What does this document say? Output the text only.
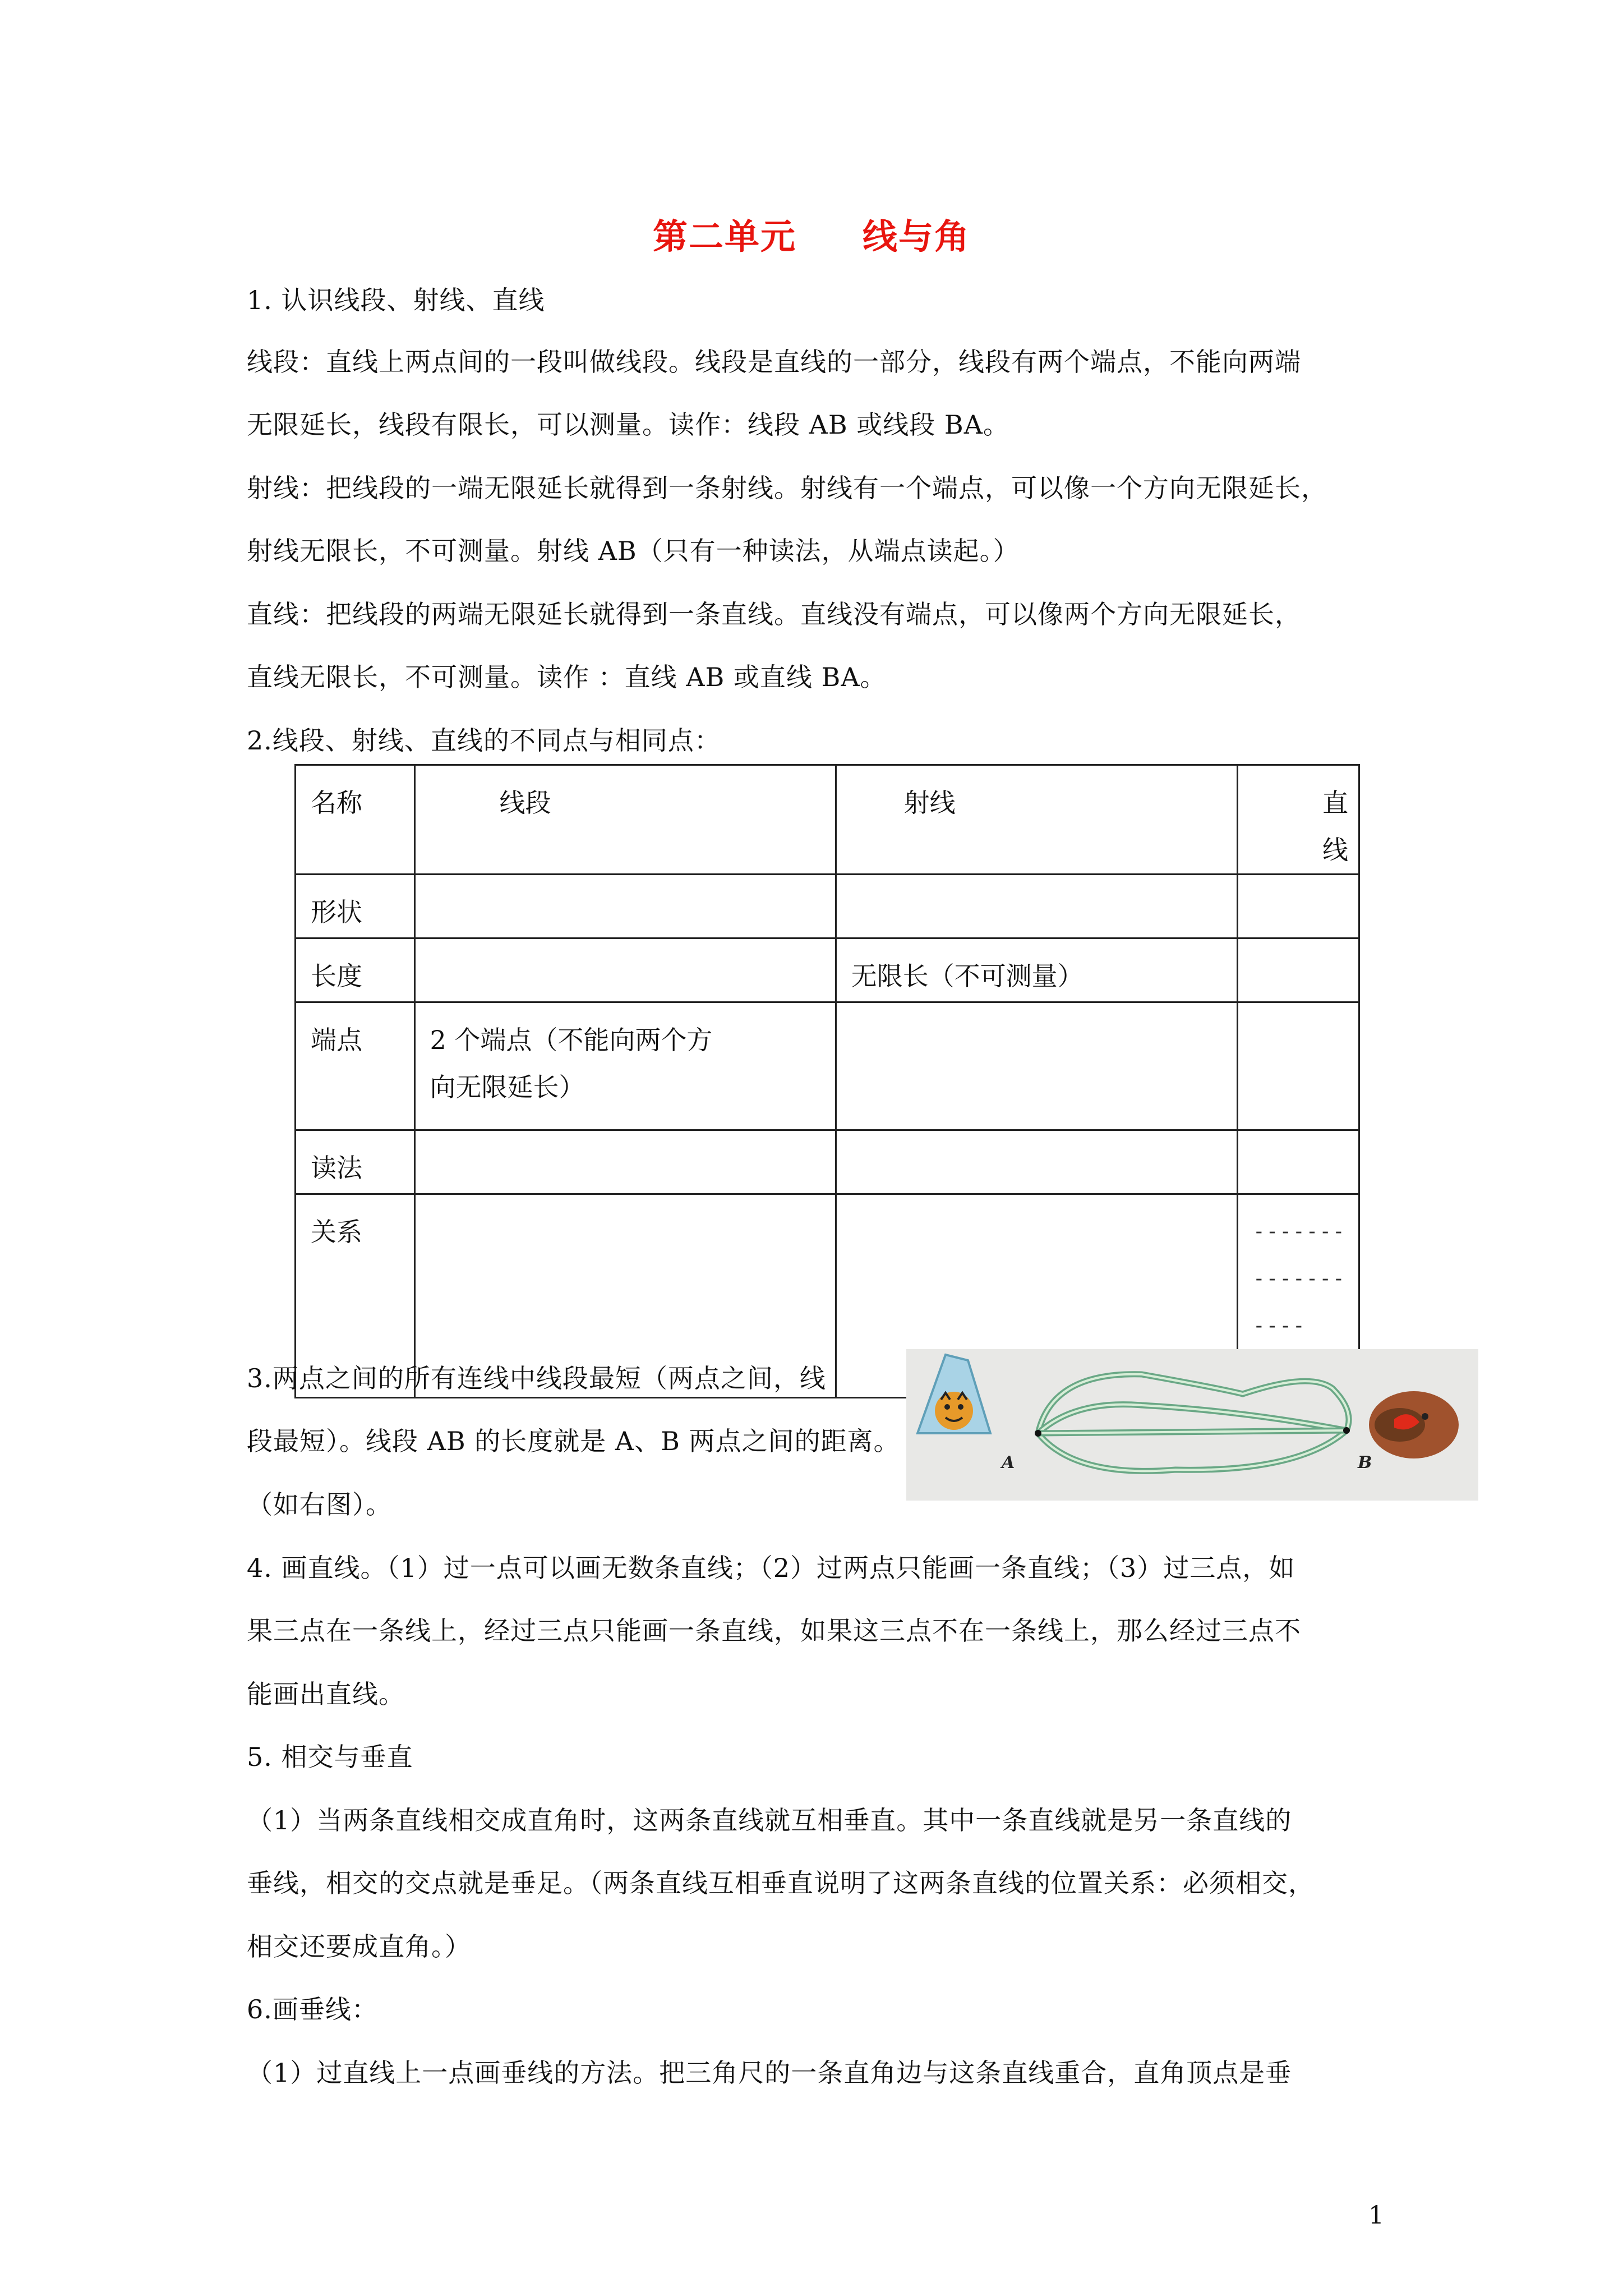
第二单元     线与角
1. 认识线段、射线、直线
线段：直线上两点间的一段叫做线段。线段是直线的一部分，线段有两个端点，不能向两端
无限延长，线段有限长，可以测量。读作：线段 AB 或线段 BA。
射线：把线段的一端无限延长就得到一条射线。射线有一个端点，可以像一个方向无限延长，
射线无限长，不可测量。射线 AB（只有一种读法，从端点读起。）
直线：把线段的两端无限延长就得到一条直线。直线没有端点，可以像两个方向无限延长，
直线无限长，不可测量。读作 ：直线 AB 或直线 BA。
2.线段、射线、直线的不同点与相同点：
名称	线段	射线	直线
形状			
长度		无限长（不可测量）	
端点	2 个端点（不能向两个方
向无限延长）		

读法			
关系			------------------
3.两点之间的所有连线中线段最短（两点之间，线
段最短）。线段 AB 的长度就是 A、B 两点之间的距离。
（如右图）。
A	B
4. 画直线。（1）过一点可以画无数条直线；（2）过两点只能画一条直线；（3）过三点，如
果三点在一条线上，经过三点只能画一条直线，如果这三点不在一条线上，那么经过三点不
能画出直线。
5. 相交与垂直
（1）当两条直线相交成直角时，这两条直线就互相垂直。其中一条直线就是另一条直线的
垂线，相交的交点就是垂足。（两条直线互相垂直说明了这两条直线的位置关系：必须相交，
相交还要成直角。）
6.画垂线：
（1）过直线上一点画垂线的方法。把三角尺的一条直角边与这条直线重合，直角顶点是垂
1
